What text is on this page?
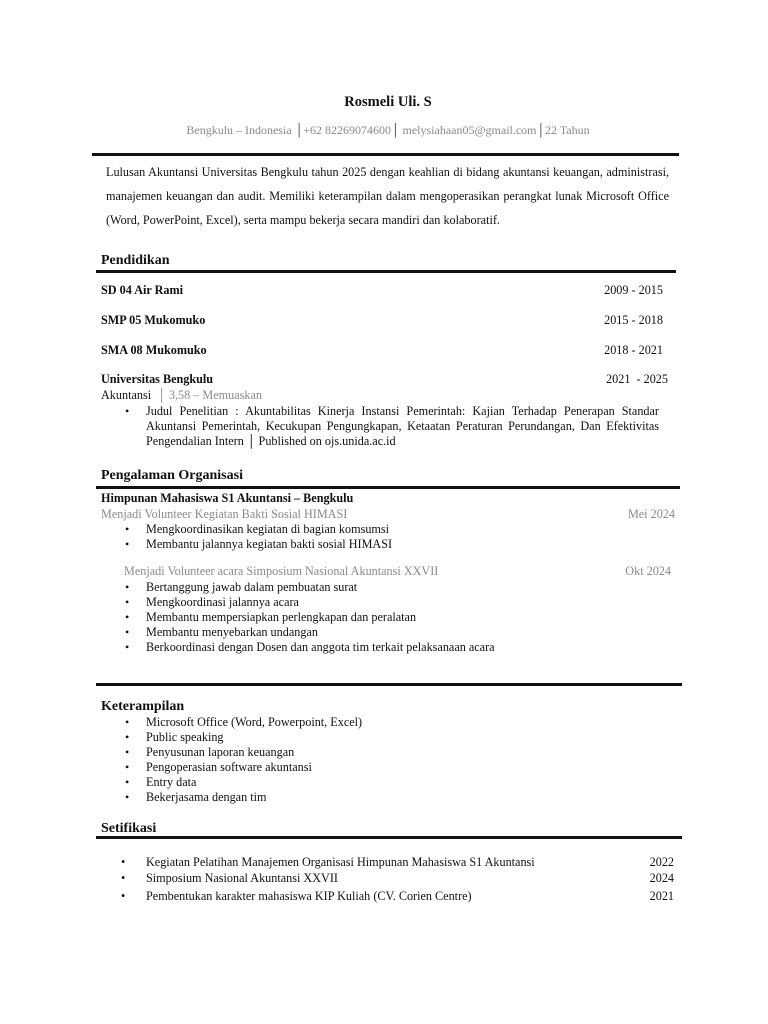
Rosmeli Uli. S
Bengkulu – Indonesia │+62 82269074600│ melysiahaan05@gmail.com│22 Tahun
Lulusan Akuntansi Universitas Bengkulu tahun 2025 dengan keahlian di bidang akuntansi keuangan, administrasi, manajemen keuangan dan audit. Memiliki keterampilan dalam mengoperasikan perangkat lunak Microsoft Office (Word, PowerPoint, Excel), serta mampu bekerja secara mandiri dan kolaboratif.
Pendidikan
SD 04 Air Rami	2009 - 2015
SMP 05 Mukomuko	2015 - 2018
SMA 08 Mukomuko	2018 - 2021
Universitas Bengkulu	2021  - 2025
Akuntansi  │ 3,58 – Memuaskan
• Judul Penelitian : Akuntabilitas Kinerja Instansi Pemerintah: Kajian Terhadap Penerapan Standar Akuntansi Pemerintah, Kecukupan Pengungkapan, Ketaatan Peraturan Perundangan, Dan Efektivitas Pengendalian Intern │ Published on ojs.unida.ac.id
Pengalaman Organisasi
Himpunan Mahasiswa S1 Akuntansi – Bengkulu
Menjadi Volunteer Kegiatan Bakti Sosial HIMASI	Mei 2024
• Mengkoordinasikan kegiatan di bagian komsumsi
• Membantu jalannya kegiatan bakti sosial HIMASI
Menjadi Volunteer acara Simposium Nasional Akuntansi XXVII	Okt 2024
• Bertanggung jawab dalam pembuatan surat
• Mengkoordinasi jalannya acara
• Membantu mempersiapkan perlengkapan dan peralatan
• Membantu menyebarkan undangan
• Berkoordinasi dengan Dosen dan anggota tim terkait pelaksanaan acara
Keterampilan
• Microsoft Office (Word, Powerpoint, Excel)
• Public speaking
• Penyusunan laporan keuangan
• Pengoperasian software akuntansi
• Entry data
• Bekerjasama dengan tim
Setifikasi
• Kegiatan Pelatihan Manajemen Organisasi Himpunan Mahasiswa S1 Akuntansi	2022
• Simposium Nasional Akuntansi XXVII	2024
• Pembentukan karakter mahasiswa KIP Kuliah (CV. Corien Centre)	2021
